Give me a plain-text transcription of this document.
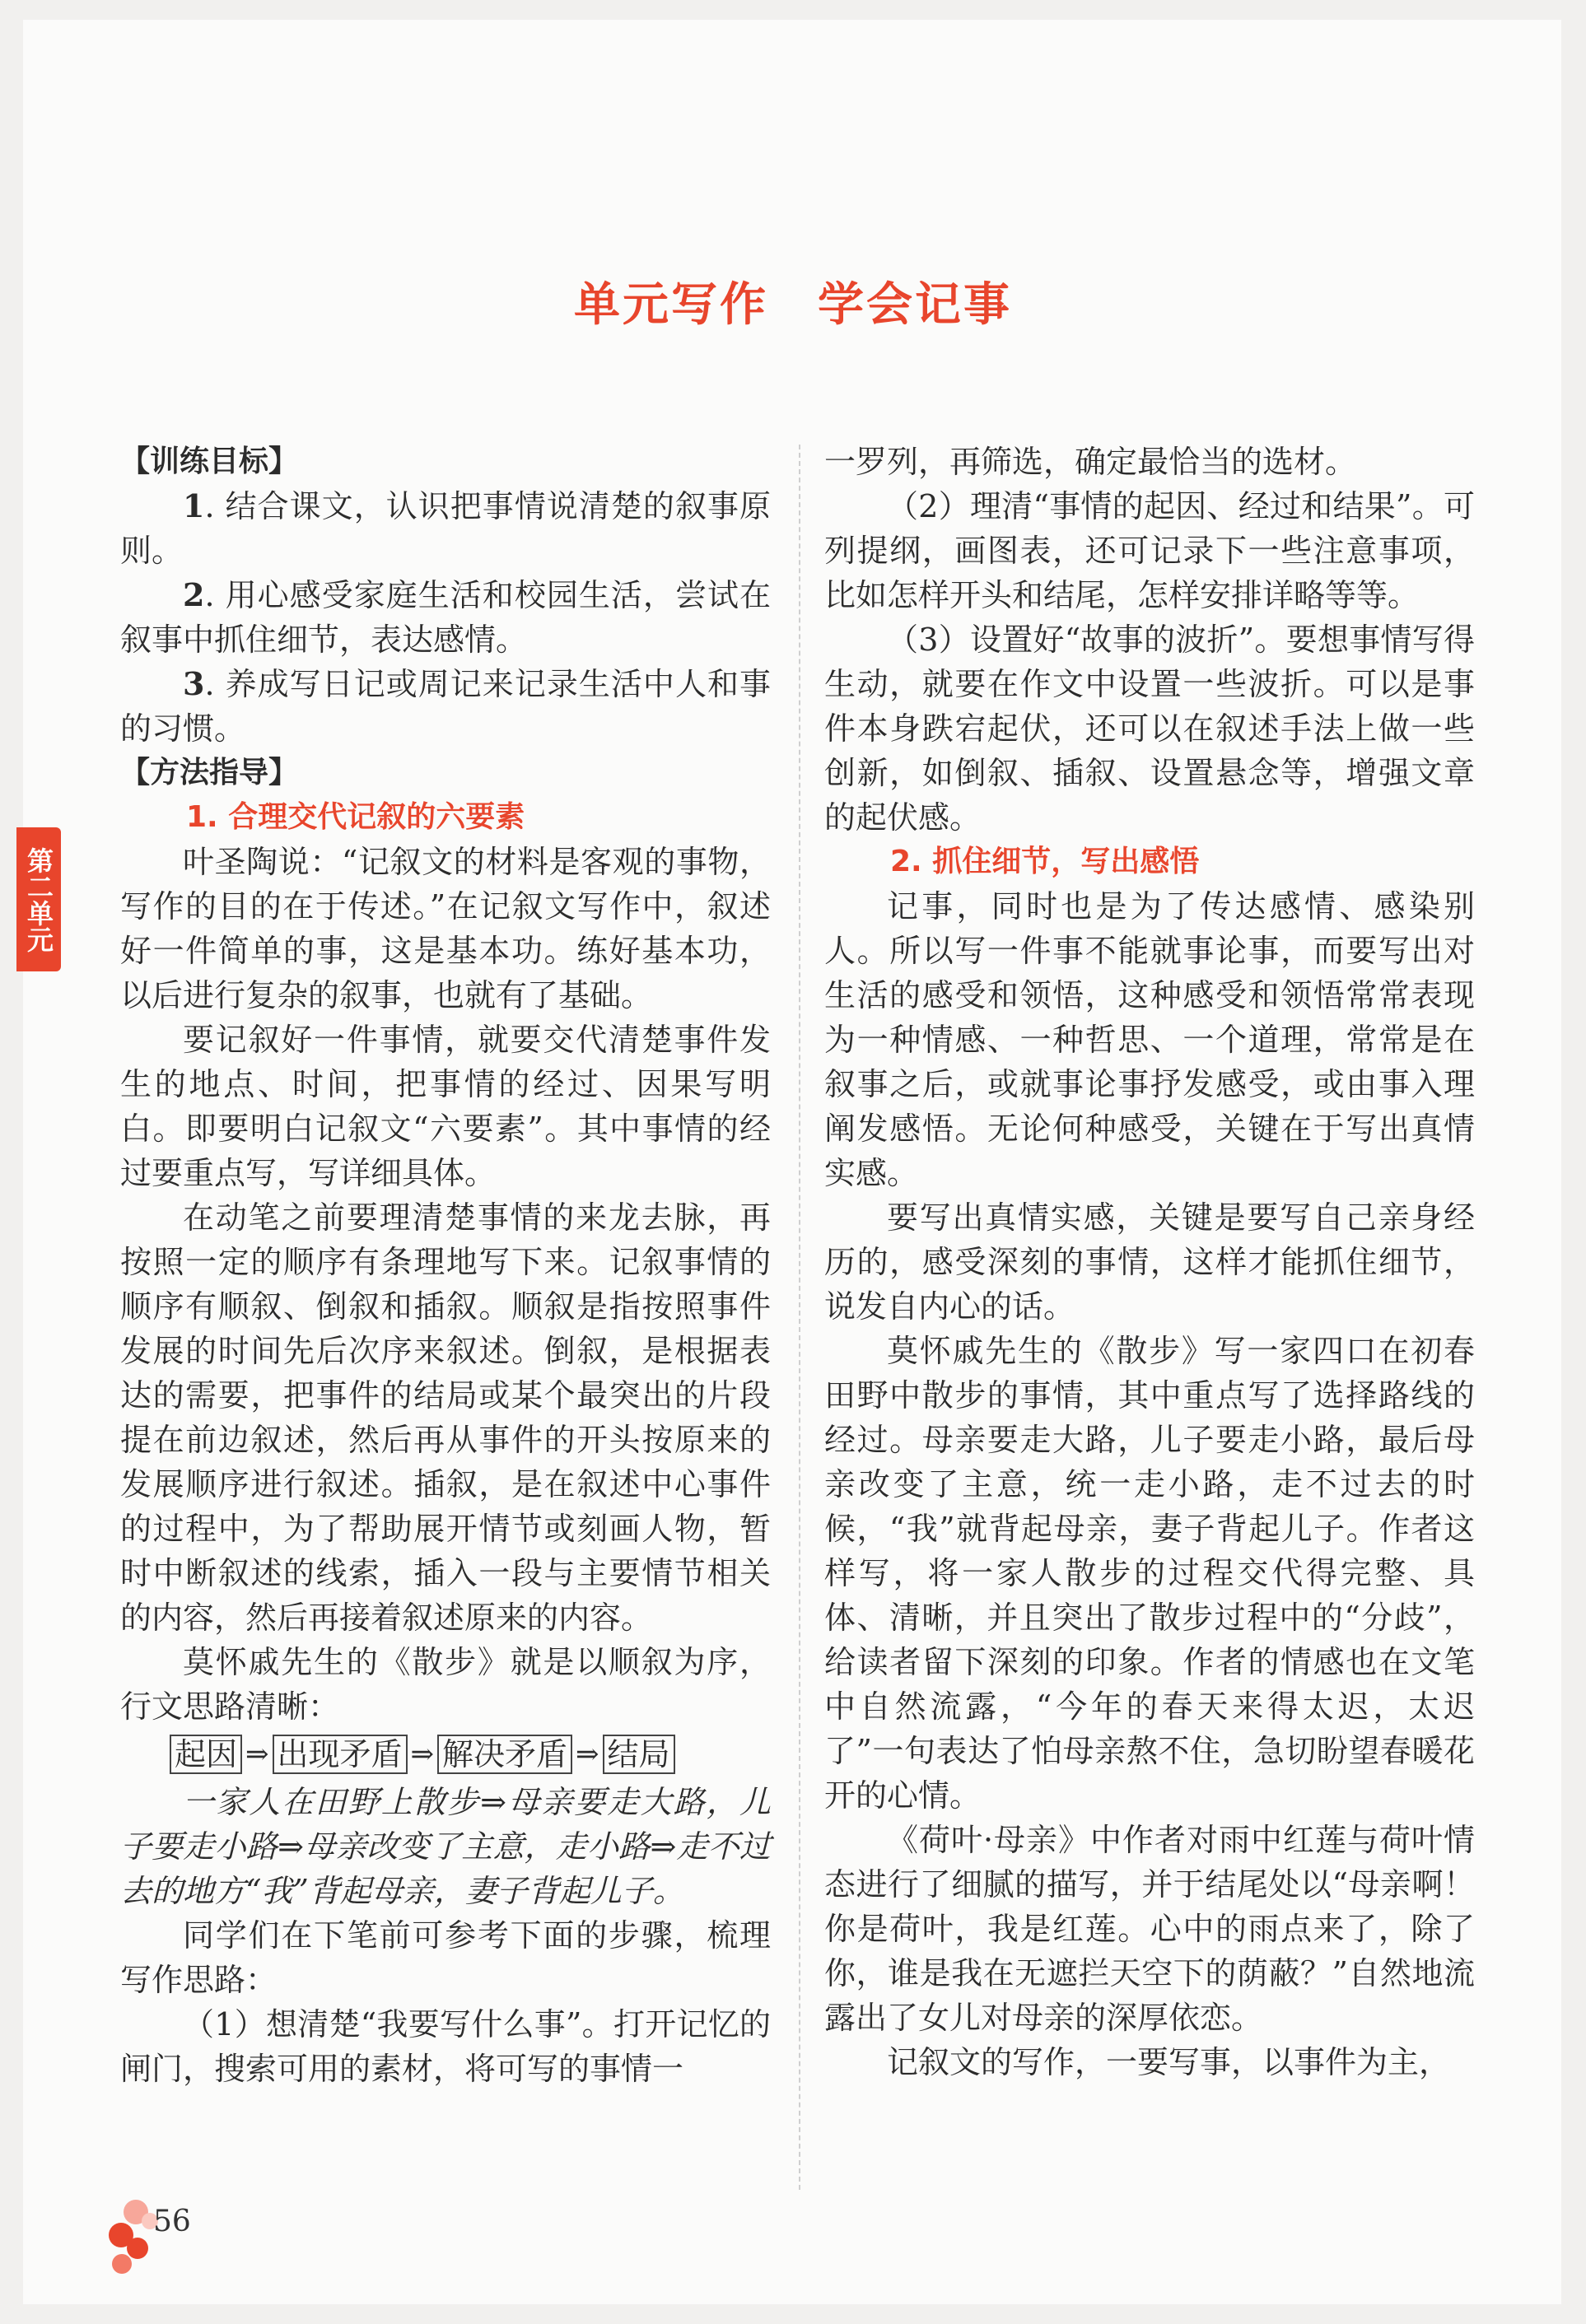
单元写作 学会记事
第二单元

【训练目标】

1. 结合课文，认识把事情说清楚的叙事原则。

2. 用心感受家庭生活和校园生活，尝试在叙事中抓住细节，表达感情。

3. 养成写日记或周记来记录生活中人和事的习惯。

【方法指导】

1. 合理交代记叙的六要素

叶圣陶说：“记叙文的材料是客观的事物，写作的目的在于传述。”在记叙文写作中，叙述好一件简单的事，这是基本功。练好基本功，以后进行复杂的叙事，也就有了基础。

要记叙好一件事情，就要交代清楚事件发生的地点、时间，把事情的经过、因果写明白。即要明白记叙文“六要素”。其中事情的经过要重点写，写详细具体。

在动笔之前要理清楚事情的来龙去脉，再按照一定的顺序有条理地写下来。记叙事情的顺序有顺叙、倒叙和插叙。顺叙是指按照事件发展的时间先后次序来叙述。倒叙，是根据表达的需要，把事件的结局或某个最突出的片段提在前边叙述，然后再从事件的开头按原来的发展顺序进行叙述。插叙，是在叙述中心事件的过程中，为了帮助展开情节或刻画人物，暂时中断叙述的线索，插入一段与主要情节相关的内容，然后再接着叙述原来的内容。

莫怀戚先生的《散步》就是以顺叙为序，行文思路清晰：

起因 ⇒ 出现矛盾 ⇒ 解决矛盾 ⇒ 结局

一家人在田野上散步⇒母亲要走大路，儿子要走小路⇒母亲改变了主意，走小路⇒走不过去的地方“我”背起母亲，妻子背起儿子。

同学们在下笔前可参考下面的步骤，梳理写作思路：

（1）想清楚“我要写什么事”。打开记忆的闸门，搜索可用的素材，将可写的事情一

一罗列，再筛选，确定最恰当的选材。

（2）理清“事情的起因、经过和结果”。可列提纲，画图表，还可记录下一些注意事项，比如怎样开头和结尾，怎样安排详略等等。

（3）设置好“故事的波折”。要想事情写得生动，就要在作文中设置一些波折。可以是事件本身跌宕起伏，还可以在叙述手法上做一些创新，如倒叙、插叙、设置悬念等，增强文章的起伏感。

2. 抓住细节，写出感悟

记事，同时也是为了传达感情、感染别人。所以写一件事不能就事论事，而要写出对生活的感受和领悟，这种感受和领悟常常表现为一种情感、一种哲思、一个道理，常常是在叙事之后，或就事论事抒发感受，或由事入理阐发感悟。无论何种感受，关键在于写出真情实感。

要写出真情实感，关键是要写自己亲身经历的，感受深刻的事情，这样才能抓住细节，说发自内心的话。

莫怀戚先生的《散步》写一家四口在初春田野中散步的事情，其中重点写了选择路线的经过。母亲要走大路，儿子要走小路，最后母亲改变了主意，统一走小路，走不过去的时候，“我”就背起母亲，妻子背起儿子。作者这样写，将一家人散步的过程交代得完整、具体、清晰，并且突出了散步过程中的“分歧”，给读者留下深刻的印象。作者的情感也在文笔中自然流露，“今年的春天来得太迟，太迟了”一句表达了怕母亲熬不住，急切盼望春暖花开的心情。

《荷叶·母亲》中作者对雨中红莲与荷叶情态进行了细腻的描写，并于结尾处以“母亲啊！你是荷叶，我是红莲。心中的雨点来了，除了你，谁是我在无遮拦天空下的荫蔽？”自然地流露出了女儿对母亲的深厚依恋。

记叙文的写作，一要写事，以事件为主，

56
